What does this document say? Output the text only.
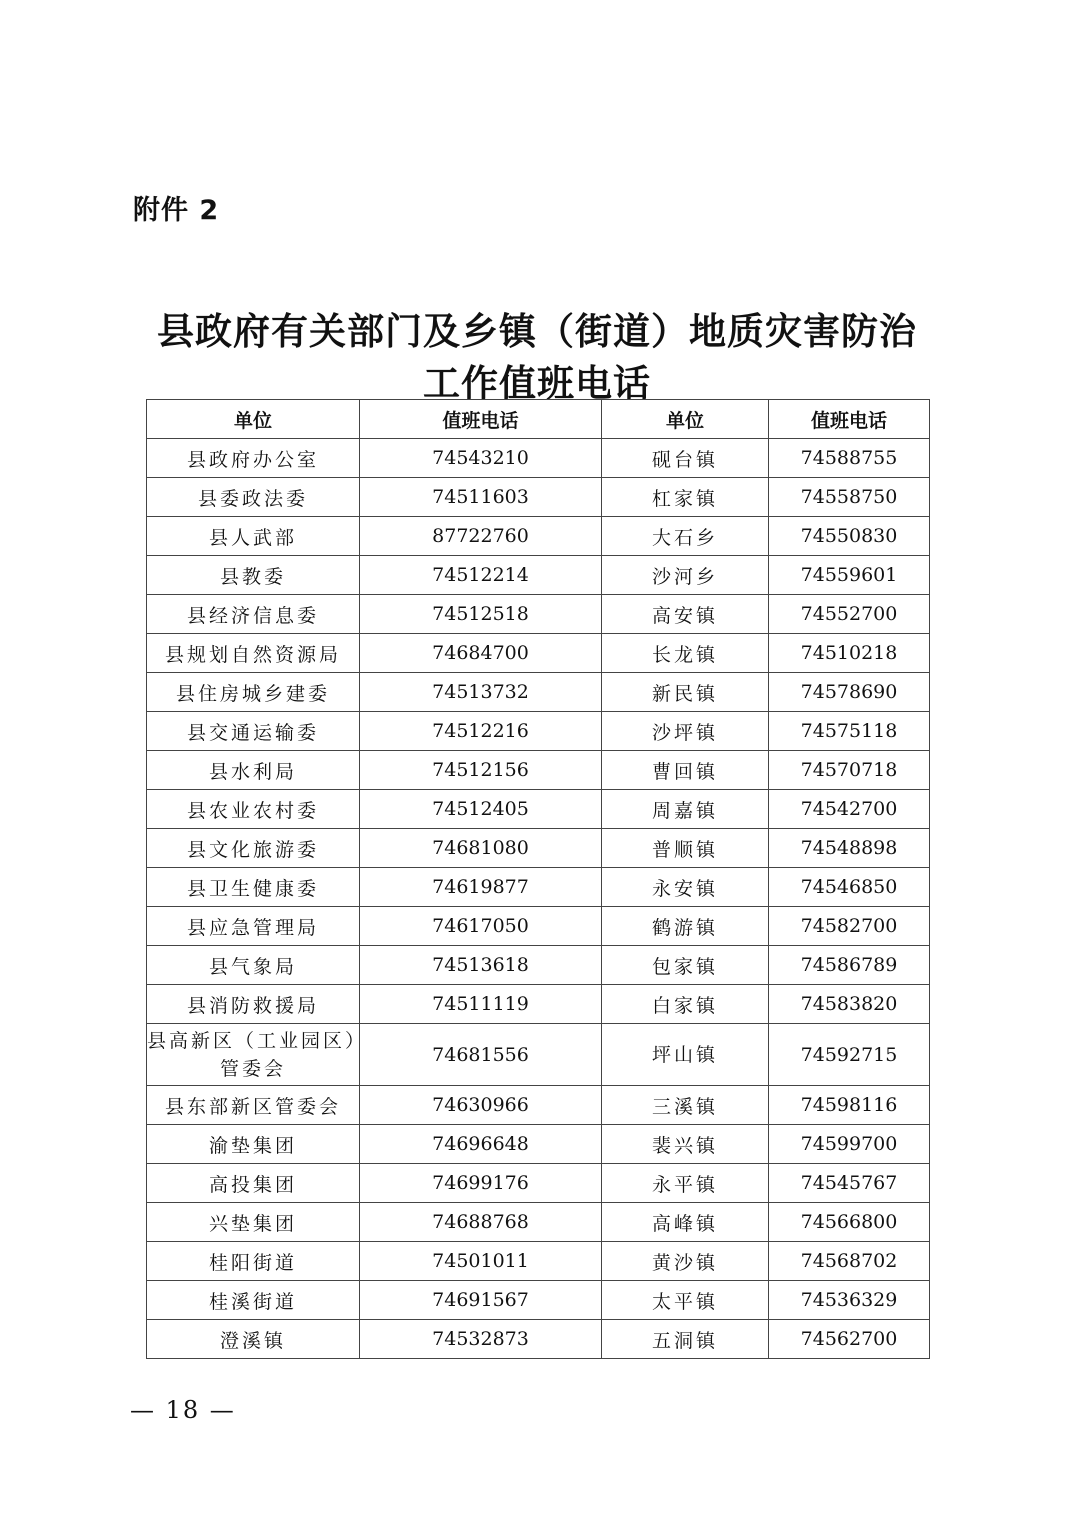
附件 2
县政府有关部门及乡镇（街道）地质灾害防治
工作值班电话
单位	值班电话	单位	值班电话
县政府办公室	74543210	砚台镇	74588755
县委政法委	74511603	杠家镇	74558750
县人武部	87722760	大石乡	74550830
县教委	74512214	沙河乡	74559601
县经济信息委	74512518	高安镇	74552700
县规划自然资源局	74684700	长龙镇	74510218
县住房城乡建委	74513732	新民镇	74578690
县交通运输委	74512216	沙坪镇	74575118
县水利局	74512156	曹回镇	74570718
县农业农村委	74512405	周嘉镇	74542700
县文化旅游委	74681080	普顺镇	74548898
县卫生健康委	74619877	永安镇	74546850
县应急管理局	74617050	鹤游镇	74582700
县气象局	74513618	包家镇	74586789
县消防救援局	74511119	白家镇	74583820

县高新区（工业园区）
管委会	74681556	坪山镇	74592715
县东部新区管委会	74630966	三溪镇	74598116
渝垫集团	74696648	裴兴镇	74599700
高投集团	74699176	永平镇	74545767
兴垫集团	74688768	高峰镇	74566800
桂阳街道	74501011	黄沙镇	74568702
桂溪街道	74691567	太平镇	74536329
澄溪镇	74532873	五洞镇	74562700
— 18 —
